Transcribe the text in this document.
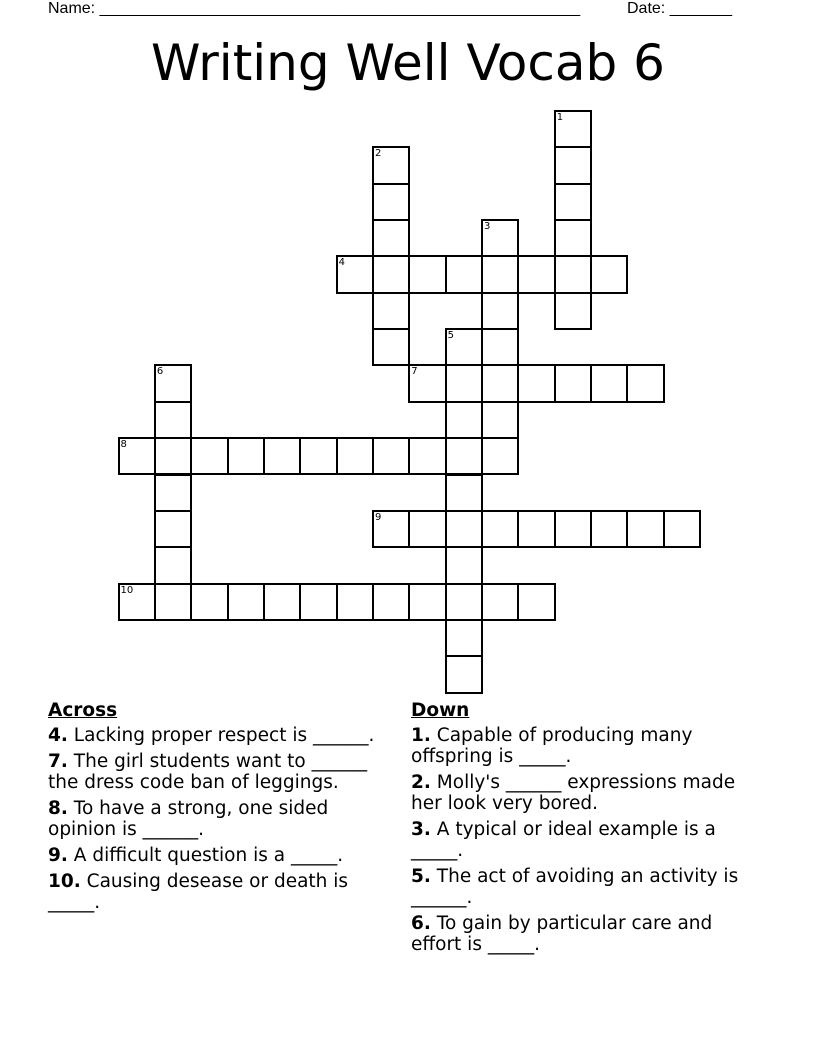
Name: ______________________________________________________	Date: _______
Writing Well Vocab 6
4
7
8
9
10
1
2
3
5
6
Across
4. Lacking proper respect is ______.
7. The girl students want to ______ the dress code ban of leggings.
8. To have a strong, one sided opinion is ______.
9. A difficult question is a _____.
10. Causing desease or death is _____.
Down
1. Capable of producing many offspring is _____.
2. Molly's ______ expressions made her look very bored.
3. A typical or ideal example is a _____.
5. The act of avoiding an activity is ______.
6. To gain by particular care and effort is _____.
